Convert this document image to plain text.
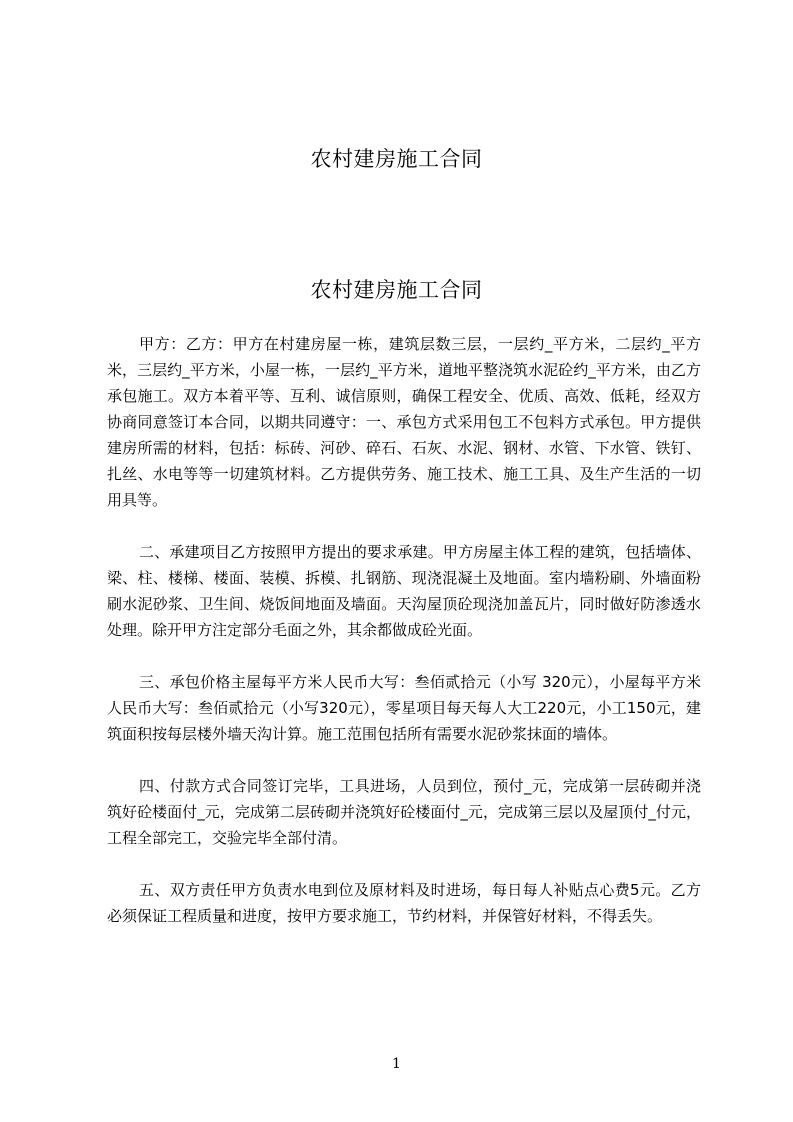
农村建房施工合同
农村建房施工合同

甲方：乙方：甲方在村建房屋一栋，建筑层数三层，一层约_平方米，二层约_平方米，三层约_平方米，小屋一栋，一层约_平方米，道地平整浇筑水泥砼约_平方米，由乙方承包施工。双方本着平等、互利、诚信原则，确保工程安全、优质、高效、低耗，经双方协商同意签订本合同，以期共同遵守：一、承包方式采用包工不包料方式承包。甲方提供建房所需的材料，包括：标砖、河砂、碎石、石灰、水泥、钢材、水管、下水管、铁钉、扎丝、水电等等一切建筑材料。乙方提供劳务、施工技术、施工工具、及生产生活的一切用具等。

二、承建项目乙方按照甲方提出的要求承建。甲方房屋主体工程的建筑，包括墙体、梁、柱、楼梯、楼面、装模、拆模、扎钢筋、现浇混凝土及地面。室内墙粉刷、外墙面粉刷水泥砂浆、卫生间、烧饭间地面及墙面。天沟屋顶砼现浇加盖瓦片，同时做好防渗透水处理。除开甲方注定部分毛面之外，其余都做成砼光面。

三、承包价格主屋每平方米人民币大写：叁佰贰拾元（小写 320元），小屋每平方米人民币大写：叁佰贰拾元（小写320元），零星项目每天每人大工220元，小工150元，建筑面积按每层楼外墙天沟计算。施工范围包括所有需要水泥砂浆抹面的墙体。

四、付款方式合同签订完毕，工具进场，人员到位，预付_元，完成第一层砖砌并浇筑好砼楼面付_元，完成第二层砖砌并浇筑好砼楼面付_元，完成第三层以及屋顶付_付元，工程全部完工，交验完毕全部付清。

五、双方责任甲方负责水电到位及原材料及时进场，每日每人补贴点心费5元。乙方必须保证工程质量和进度，按甲方要求施工，节约材料，并保管好材料，不得丢失。

1
